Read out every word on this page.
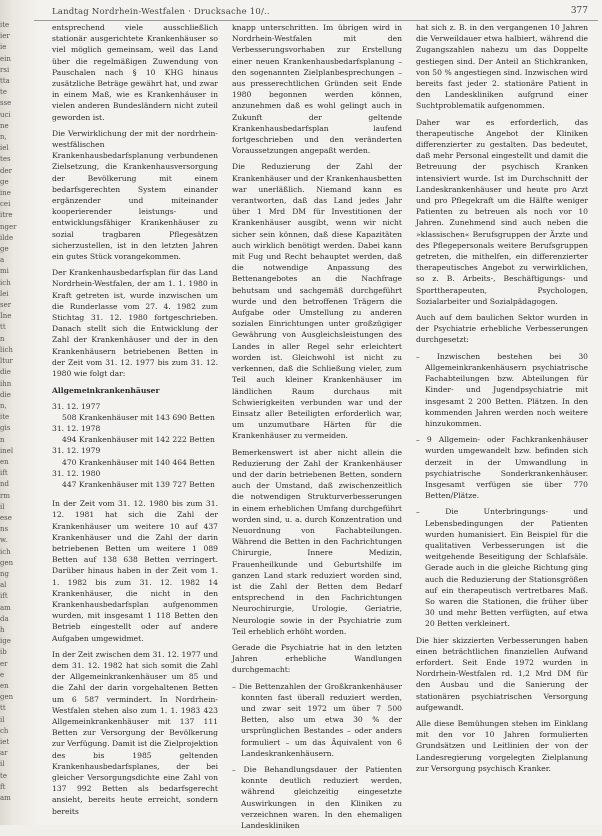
ite
ier
ie
ein
rsi
tta
te
sse
uci
ne
n,
iel
tes
der
ge
ine
cei
itre
nger
ilde
ge
a
mi
ich
lei
ser
Ine
tt
n
lich
ltur
die
ihn
die
n,
ite
gis
n
inel
en
ift
nd
rm
il
ese
ns
w.
ich
gen
ng
al
ift
am
da
h
ige
ib
er
e
en
gen
tt
il
ch
iet
ar
il
te
ft
am
Landtag Nordrhein-Westfalen · Drucksache 10/..	377

entsprechend viele ausschließlich stationär ausgerichtete Krankenhäuser so viel möglich gemeinsam, weil das Land über die regelmäßigen Zuwendung von Pauschalen nach § 10 KHG hinaus zusätzliche Beträge gewährt hat, und zwar in einem Maß, wie es Krankenhäuser in vielen anderen Bundesländern nicht zuteil geworden ist.

Die Verwirklichung der mit der nordrhein-westfälischen Krankenhausbedarfsplanung verbundenen Zielsetzung, die Krankenhausversorgung der Bevölkerung mit einem bedarfsgerechten System einander ergänzender und miteinander kooperierender leistungs- und entwicklungsfähiger Krankenhäuser zu sozial tragbaren Pflegesätzen sicherzustellen, ist in den letzten Jahren ein gutes Stück vorangekommen.

Der Krankenhausbedarfsplan für das Land Nordrhein-Westfalen, der am 1. 1. 1980 in Kraft getreten ist, wurde inzwischen um die Runderlasse vom 27. 4. 1982 zum Stichtag 31. 12. 1980 fortgeschrieben. Danach stellt sich die Entwicklung der Zahl der Krankenhäuser und der in den Krankenhäusern betriebenen Betten in der Zeit vom 31. 12. 1977 bis zum 31. 12. 1980 wie folgt dar:

Allgemeinkrankenhäuser
31. 12. 1977
508 Krankenhäuser mit 143 690 Betten
31. 12. 1978
494 Krankenhäuser mit 142 222 Betten
31. 12. 1979
470 Krankenhäuser mit 140 464 Betten
31. 12. 1980
447 Krankenhäuser mit 139 727 Betten

In der Zeit vom 31. 12. 1980 bis zum 31. 12. 1981 hat sich die Zahl der Krankenhäuser um weitere 10 auf 437 Krankenhäuser und die Zahl der darin betriebenen Betten um weitere 1 089 Betten auf 138 638 Betten verringert. Darüber hinaus haben in der Zeit vom 1. 1. 1982 bis zum 31. 12. 1982 14 Krankenhäuser, die nicht in den Krankenhausbedarfsplan aufgenommen wurden, mit insgesamt 1 118 Betten den Betrieb eingestellt oder auf andere Aufgaben umgewidmet.

In der Zeit zwischen dem 31. 12. 1977 und dem 31. 12. 1982 hat sich somit die Zahl der Allgemeinkrankenhäuser um 85 und die Zahl der darin vorgehaltenen Betten um 6 587 vermindert. In Nordrhein-Westfalen stehen also zum 1. 1. 1983 423 Allgemeinkrankenhäuser mit 137 111 Betten zur Versorgung der Bevölkerung zur Verfügung. Damit ist die Zielprojektion des bis 1985 geltenden Krankenhausbedarfsplanes, der bei gleicher Versorgungsdichte eine Zahl von 137 992 Betten als bedarfsgerecht ansieht, bereits heute erreicht, sondern bereits

knapp unterschritten. Im übrigen wird in Nordrhein-Westfalen mit den Verbesserungsvorhaben zur Erstellung einer neuen Krankenhausbedarfsplanung – den sogenannten Zielplanbesprechungen – aus presserechtlichen Gründen seit Ende 1980 begonnen werden können, anzunehmen daß es wohl gelingt auch in Zukunft der geltende Krankenhausbedarfsplan laufend fortgeschrieben und den veränderten Voraussetzungen angepaßt werden.

Die Reduzierung der Zahl der Krankenhäuser und der Krankenhausbetten war unerläßlich. Niemand kann es verantworten, daß das Land jedes Jahr über 1 Mrd DM für Investitionen der Krankenhäuser ausgibt, wenn wir nicht sicher sein können, daß diese Kapazitäten auch wirklich benötigt werden. Dabei kann mit Fug und Recht behauptet werden, daß die notwendige Anpassung des Bettenangebotes an die Nachfrage behutsam und sachgemäß durchgeführt wurde und den betroffenen Trägern die Aufgabe oder Umstellung zu anderen sozialen Einrichtungen unter großzügiger Gewährung von Ausgleichsleistungen des Landes in aller Regel sehr erleichtert worden ist. Gleichwohl ist nicht zu verkennen, daß die Schließung vieler, zum Teil auch kleiner Krankenhäuser im ländlichen Raum durchaus mit Schwierigkeiten verbunden war und der Einsatz aller Beteiligten erforderlich war, um unzumutbare Härten für die Krankenhäuser zu vermeiden.

Bemerkenswert ist aber nicht allein die Reduzierung der Zahl der Krankenhäuser und der darin betriebenen Betten, sondern auch der Umstand, daß zwischenzeitlich die notwendigen Strukturverbesserungen in einem erheblichen Umfang durchgeführt worden sind, u. a. durch Konzentration und Neuordnung von Fachabteilungen. Während die Betten in den Fachrichtungen Chirurgie, Innere Medizin, Frauenheilkunde und Geburtshilfe im ganzen Land stark reduziert worden sind, ist die Zahl der Betten dem Bedarf entsprechend in den Fachrichtungen Neurochirurgie, Urologie, Geriatrie, Neurologie sowie in der Psychiatrie zum Teil erheblich erhöht worden.

Gerade die Psychiatrie hat in den letzten Jahren erhebliche Wandlungen durchgemacht:

– Die Bettenzahlen der Großkrankenhäuser konnten fast überall reduziert werden, und zwar seit 1972 um über 7 500 Betten, also um etwa 30 % der ursprünglichen Bestandes – oder anders formuliert – um das Äquivalent von 6 Landeskrankenhäusern.

– Die Behandlungsdauer der Patienten konnte deutlich reduziert werden, während gleichzeitig eingesetzte Auswirkungen in den Kliniken zu verzeichnen waren. In den ehemaligen Landeskliniken

hat sich z. B. in den vergangenen 10 Jahren die Verweildauer etwa halbiert, während die Zugangszahlen nahezu um das Doppelte gestiegen sind. Der Anteil an Stichkranken, von 50 % angestiegen sind. Inzwischen wird bereits fast jeder 2. stationäre Patient in den Landeskliniken aufgrund einer Suchtproblematik aufgenommen.

Daher war es erforderlich, das therapeutische Angebot der Kliniken differenzierter zu gestalten. Das bedeutet, daß mehr Personal eingestellt und damit die Betreuung der psychisch Kranken intensiviert wurde. Ist im Durchschnitt der Landeskrankenhäuser und heute pro Arzt und pro Pflegekraft um die Hälfte weniger Patienten zu betreuen als noch vor 10 Jahren. Zunehmend sind auch neben die »klassischen« Berufsgruppen der Ärzte und des Pflegepersonals weitere Berufsgruppen getreten, die mithelfen, ein differenzierter therapeutisches Angebot zu verwirklichen, so z. B. Arbeits-, Beschäftigungs- und Sporttherapeuten, Psychologen, Sozialarbeiter und Sozialpädagogen.

Auch auf dem baulichen Sektor wurden in der Psychiatrie erhebliche Verbesserungen durchgesetzt:

– Inzwischen bestehen bei 30 Allgemeinkrankenhäusern psychiatrische Fachabteilungen bzw. Abteilungen für Kinder- und Jugendpsychiatrie mit insgesamt 2 200 Betten. Plätzen. In den kommenden Jahren werden noch weitere hinzukommen.

– 9 Allgemein- oder Fachkrankenhäuser wurden umgewandelt bzw. befinden sich derzeit in der Umwandlung in psychiatrische Sonderkrankenhäuser. Insgesamt verfügen sie über 770 Betten/Plätze.

– Die Unterbringungs- und Lebensbedingungen der Patienten wurden humanisiert. Ein Beispiel für die qualitativen Verbesserungen ist die weitgehende Beseitigung der Schlafsäle. Gerade auch in die gleiche Richtung ging auch die Reduzierung der Stationsgrößen auf ein therapeutisch vertretbares Maß. So waren die Stationen, die früher über 30 und mehr Betten verfügten, auf etwa 20 Betten verkleinert.

Die hier skizzierten Verbesserungen haben einen beträchtlichen finanziellen Aufwand erfordert. Seit Ende 1972 wurden in Nordrhein-Westfalen rd. 1,2 Mrd DM für den Ausbau und die Sanierung der stationären psychiatrischen Versorgung aufgewandt.

Alle diese Bemühungen stehen im Einklang mit den vor 10 Jahren formulierten Grundsätzen und Leitlinien der von der Landesregierung vorgelegten Zielplanung zur Versorgung psychisch Kranker.
